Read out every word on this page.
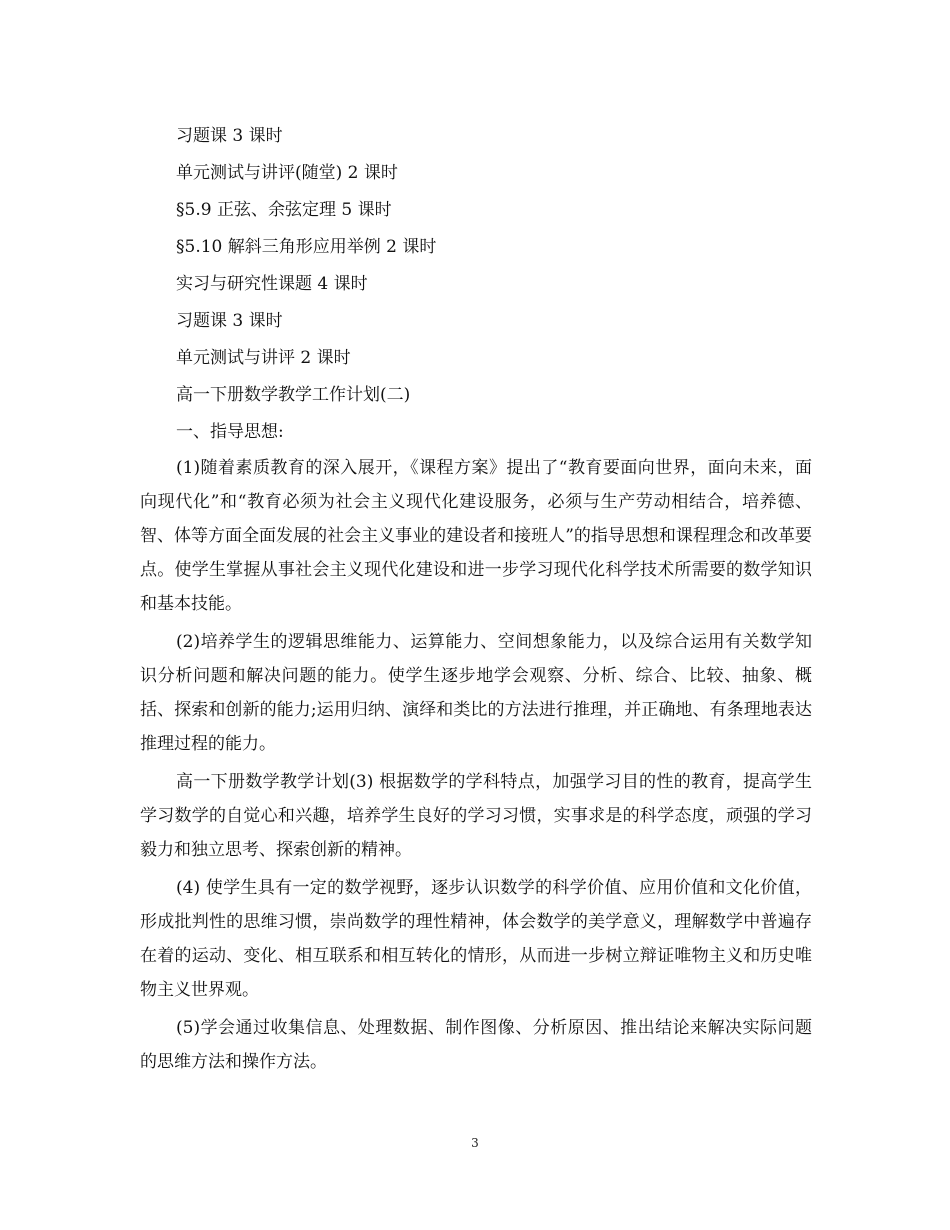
习题课 3 课时
单元测试与讲评(随堂) 2 课时
§5.9 正弦、余弦定理 5 课时
§5.10 解斜三角形应用举例 2 课时
实习与研究性课题 4 课时
习题课 3 课时
单元测试与讲评 2 课时
高一下册数学教学工作计划(二)
一、指导思想:

(1)随着素质教育的深入展开，《课程方案》提出了“教育要面向世界，面向未来，面向现代化”和“教育必须为社会主义现代化建设服务，必须与生产劳动相结合，培养德、智、体等方面全面发展的社会主义事业的建设者和接班人”的指导思想和课程理念和改革要点。使学生掌握从事社会主义现代化建设和进一步学习现代化科学技术所需要的数学知识和基本技能。

(2)培养学生的逻辑思维能力、运算能力、空间想象能力，以及综合运用有关数学知识分析问题和解决问题的能力。使学生逐步地学会观察、分析、综合、比较、抽象、概括、探索和创新的能力;运用归纳、演绎和类比的方法进行推理，并正确地、有条理地表达推理过程的能力。

高一下册数学教学计划(3) 根据数学的学科特点，加强学习目的性的教育，提高学生学习数学的自觉心和兴趣，培养学生良好的学习习惯，实事求是的科学态度，顽强的学习毅力和独立思考、探索创新的精神。

(4) 使学生具有一定的数学视野，逐步认识数学的科学价值、应用价值和文化价值，形成批判性的思维习惯，崇尚数学的理性精神，体会数学的美学意义，理解数学中普遍存在着的运动、变化、相互联系和相互转化的情形，从而进一步树立辩证唯物主义和历史唯物主义世界观。

(5)学会通过收集信息、处理数据、制作图像、分析原因、推出结论来解决实际问题的思维方法和操作方法。

3
